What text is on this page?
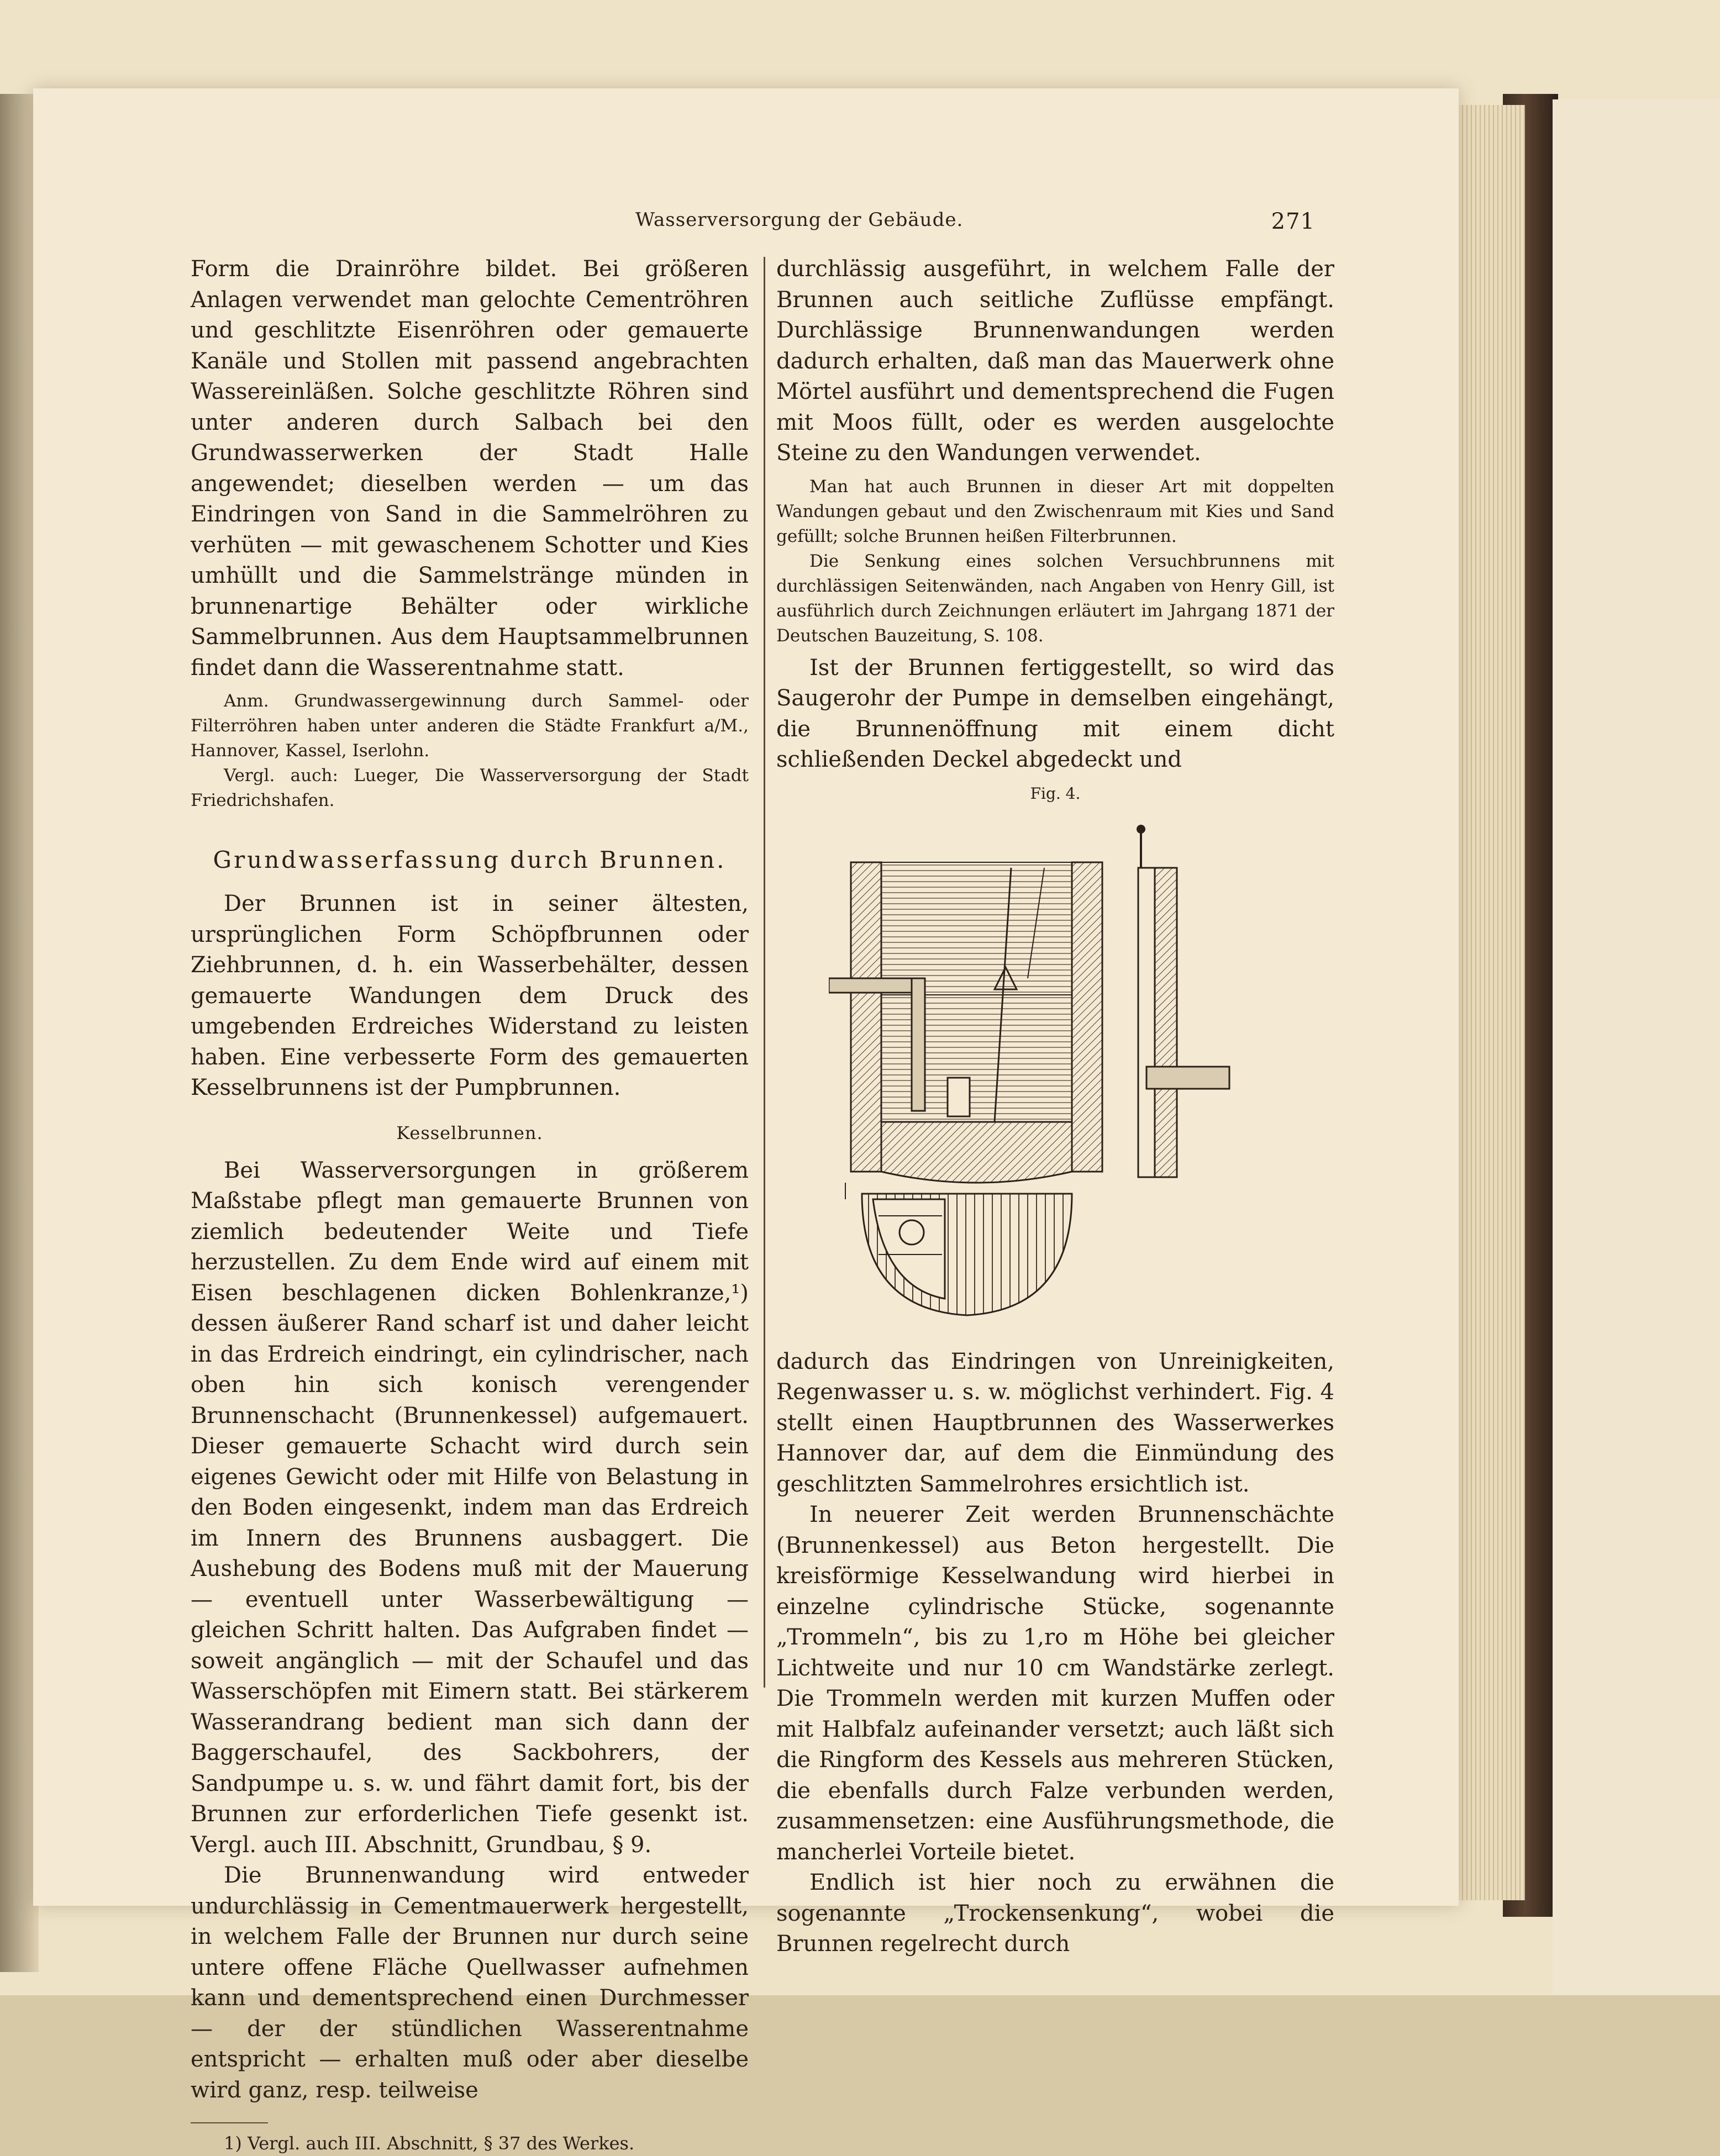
Wasserversorgung der Gebäude.	271

Form die Drainröhre bildet. Bei größeren Anlagen verwendet man gelochte Cementröhren und geschlitzte Eisenröhren oder gemauerte Kanäle und Stollen mit passend angebrachten Wassereinläßen. Solche geschlitzte Röhren sind unter anderen durch Salbach bei den Grundwasserwerken der Stadt Halle angewendet; dieselben werden — um das Eindringen von Sand in die Sammelröhren zu verhüten — mit gewaschenem Schotter und Kies umhüllt und die Sammelstränge münden in brunnenartige Behälter oder wirkliche Sammelbrunnen. Aus dem Hauptsammelbrunnen findet dann die Wasserentnahme statt.

Anm. Grundwassergewinnung durch Sammel- oder Filterröhren haben unter anderen die Städte Frankfurt a/M., Hannover, Kassel, Iserlohn.

Vergl. auch: Lueger, Die Wasserversorgung der Stadt Friedrichshafen.

Grundwasserfassung durch Brunnen.

Der Brunnen ist in seiner ältesten, ursprünglichen Form Schöpfbrunnen oder Ziehbrunnen, d. h. ein Wasserbehälter, dessen gemauerte Wandungen dem Druck des umgebenden Erdreiches Widerstand zu leisten haben. Eine verbesserte Form des gemauerten Kesselbrunnens ist der Pumpbrunnen.

Kesselbrunnen.

Bei Wasserversorgungen in größerem Maßstabe pflegt man gemauerte Brunnen von ziemlich bedeutender Weite und Tiefe herzustellen. Zu dem Ende wird auf einem mit Eisen beschlagenen dicken Bohlenkranze,¹) dessen äußerer Rand scharf ist und daher leicht in das Erdreich eindringt, ein cylindrischer, nach oben hin sich konisch verengender Brunnenschacht (Brunnenkessel) aufgemauert. Dieser gemauerte Schacht wird durch sein eigenes Gewicht oder mit Hilfe von Belastung in den Boden eingesenkt, indem man das Erdreich im Innern des Brunnens ausbaggert. Die Aushebung des Bodens muß mit der Mauerung — eventuell unter Wasserbewältigung — gleichen Schritt halten. Das Aufgraben findet — soweit angänglich — mit der Schaufel und das Wasserschöpfen mit Eimern statt. Bei stärkerem Wasserandrang bedient man sich dann der Baggerschaufel, des Sackbohrers, der Sandpumpe u. s. w. und fährt damit fort, bis der Brunnen zur erforderlichen Tiefe gesenkt ist. Vergl. auch III. Abschnitt, Grundbau, § 9.

Die Brunnenwandung wird entweder undurchlässig in Cementmauerwerk hergestellt, in welchem Falle der Brunnen nur durch seine untere offene Fläche Quellwasser aufnehmen kann und dementsprechend einen Durchmesser — der der stündlichen Wasserentnahme entspricht — erhalten muß oder aber dieselbe wird ganz, resp. teilweise

1) Vergl. auch III. Abschnitt, § 37 des Werkes.

durchlässig ausgeführt, in welchem Falle der Brunnen auch seitliche Zuflüsse empfängt. Durchlässige Brunnenwandungen werden dadurch erhalten, daß man das Mauerwerk ohne Mörtel ausführt und dementsprechend die Fugen mit Moos füllt, oder es werden ausgelochte Steine zu den Wandungen verwendet.

Man hat auch Brunnen in dieser Art mit doppelten Wandungen gebaut und den Zwischenraum mit Kies und Sand gefüllt; solche Brunnen heißen Filterbrunnen.

Die Senkung eines solchen Versuchbrunnens mit durchlässigen Seitenwänden, nach Angaben von Henry Gill, ist ausführlich durch Zeichnungen erläutert im Jahrgang 1871 der Deutschen Bauzeitung, S. 108.

Ist der Brunnen fertiggestellt, so wird das Saugerohr der Pumpe in demselben eingehängt, die Brunnenöffnung mit einem dicht schließenden Deckel abgedeckt und

Fig. 4.

dadurch das Eindringen von Unreinigkeiten, Regenwasser u. s. w. möglichst verhindert. Fig. 4 stellt einen Hauptbrunnen des Wasserwerkes Hannover dar, auf dem die Einmündung des geschlitzten Sammelrohres ersichtlich ist.

In neuerer Zeit werden Brunnenschächte (Brunnenkessel) aus Beton hergestellt. Die kreisförmige Kesselwandung wird hierbei in einzelne cylindrische Stücke, sogenannte „Trommeln“, bis zu 1,ro m Höhe bei gleicher Lichtweite und nur 10 cm Wandstärke zerlegt. Die Trommeln werden mit kurzen Muffen oder mit Halbfalz aufeinander versetzt; auch läßt sich die Ringform des Kessels aus mehreren Stücken, die ebenfalls durch Falze verbunden werden, zusammensetzen: eine Ausführungsmethode, die mancherlei Vorteile bietet.

Endlich ist hier noch zu erwähnen die sogenannte „Trockensenkung“, wobei die Brunnen regelrecht durch
